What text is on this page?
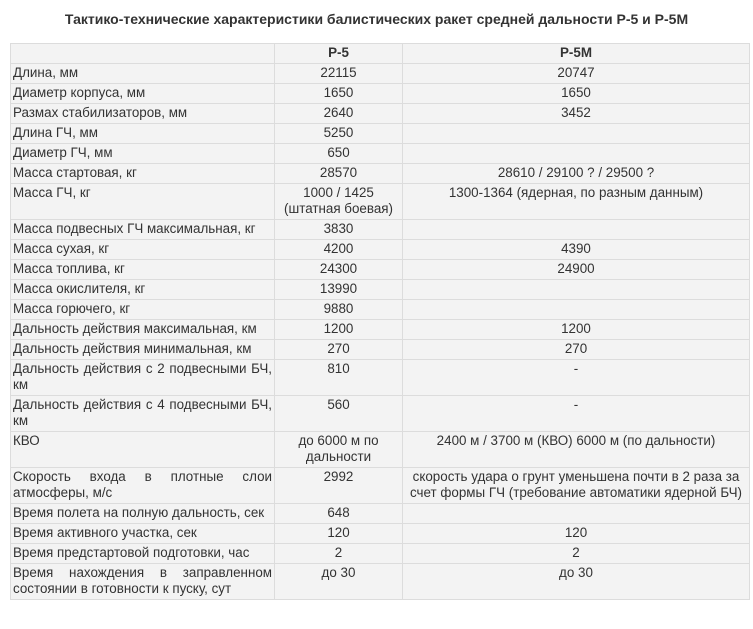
Тактико-технические характеристики балистических ракет средней дальности Р-5 и Р-5М
	Р-5	Р-5М
Длина, мм	22115	20747
Диаметр корпуса, мм	1650	1650
Размах стабилизаторов, мм	2640	3452
Длина ГЧ, мм	5250	
Диаметр ГЧ, мм	650	
Масса стартовая, кг	28570	28610 / 29100 ? / 29500 ?
Масса ГЧ, кг	1000 / 1425 (штатная боевая)	1300-1364 (ядерная, по разным данным)
Масса подвесных ГЧ максимальная, кг	3830	
Масса сухая, кг	4200	4390
Масса топлива, кг	24300	24900
Масса окислителя, кг	13990	
Масса горючего, кг	9880	
Дальность действия максимальная, км	1200	1200
Дальность действия минимальная, км	270	270
Дальность действия с 2 подвесными БЧ, км	810	-
Дальность действия с 4 подвесными БЧ, км	560	-
КВО	до 6000 м по дальности	2400 м / 3700 м (КВО) 6000 м (по дальности)
Скорость входа в плотные слои атмосферы, м/с	2992	скорость удара о грунт уменьшена почти в 2 раза за счет формы ГЧ (требование автоматики ядерной БЧ)
Время полета на полную дальность, сек	648	
Время активного участка, сек	120	120
Время предстартовой подготовки, час	2	2
Время нахождения в заправленном состоянии в готовности к пуску, сут	до 30	до 30
